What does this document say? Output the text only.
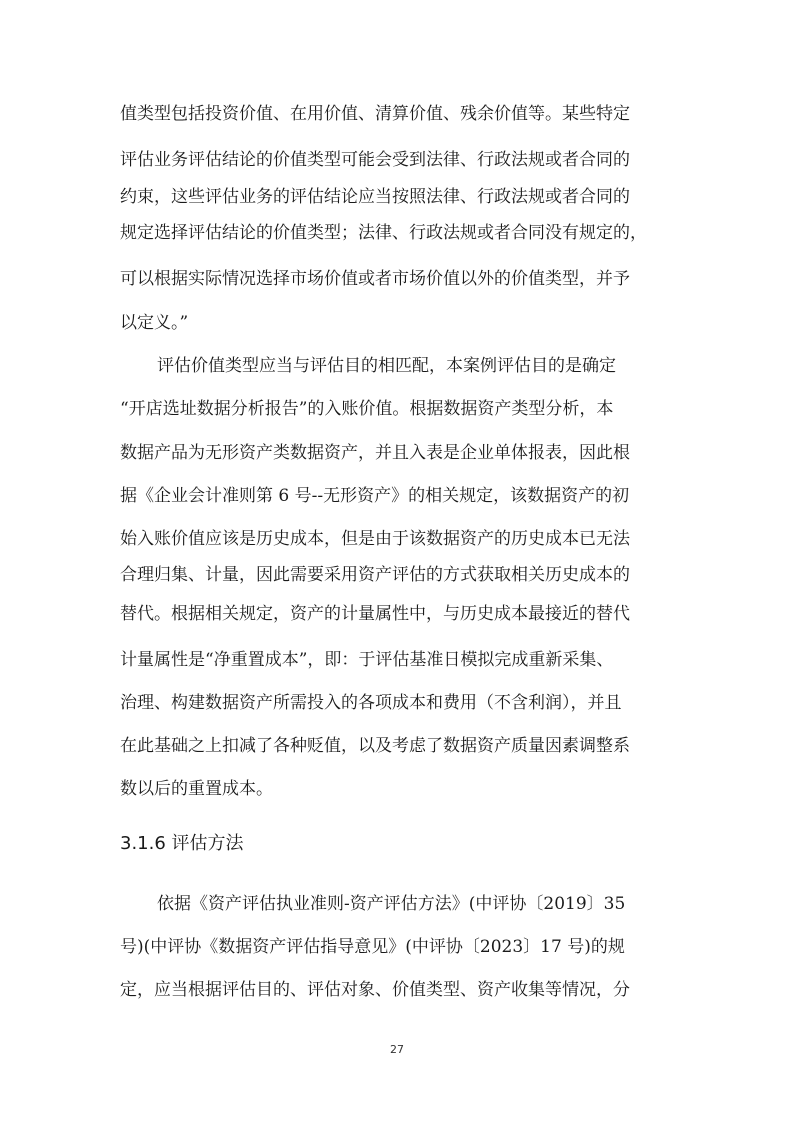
值类型包括投资价值、在用价值、清算价值、残余价值等。某些特定
评估业务评估结论的价值类型可能会受到法律、行政法规或者合同的
约束，这些评估业务的评估结论应当按照法律、行政法规或者合同的
规定选择评估结论的价值类型；法律、行政法规或者合同没有规定的，
可以根据实际情况选择市场价值或者市场价值以外的价值类型，并予
以定义。”
评估价值类型应当与评估目的相匹配，本案例评估目的是确定
“开店选址数据分析报告”的入账价值。根据数据资产类型分析，本
数据产品为无形资产类数据资产，并且入表是企业单体报表，因此根
据《企业会计准则第 6 号--无形资产》的相关规定，该数据资产的初
始入账价值应该是历史成本，但是由于该数据资产的历史成本已无法
合理归集、计量，因此需要采用资产评估的方式获取相关历史成本的
替代。根据相关规定，资产的计量属性中，与历史成本最接近的替代
计量属性是“净重置成本”，即：于评估基准日模拟完成重新采集、
治理、构建数据资产所需投入的各项成本和费用（不含利润），并且
在此基础之上扣减了各种贬值，以及考虑了数据资产质量因素调整系
数以后的重置成本。
3.1.6 评估方法
依据《资产评估执业准则-资产评估方法》(中评协〔2019〕35
号)(中评协《数据资产评估指导意见》(中评协〔2023〕17 号)的规
定，应当根据评估目的、评估对象、价值类型、资产收集等情况，分
27
